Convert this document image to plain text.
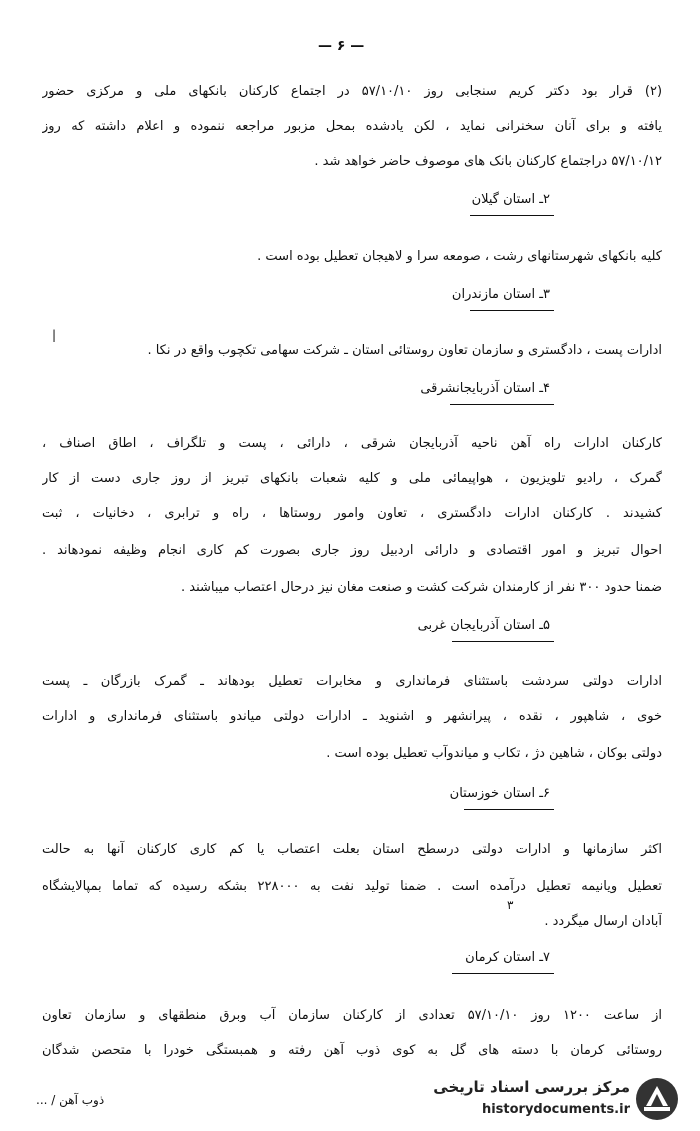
— ۶ —
(۲) قرار بود دکتر کریم سنجابی روز ۵۷/۱۰/۱۰ در اجتماع کارکنان بانکهای ملی و مرکزی حضور
یافته و برای آنان سخنرانی نماید ، لکن یادشده بمحل مزبور مراجعه ننموده و اعلام داشته که روز
۵۷/۱۰/۱۲ دراجتماع کارکنان بانک های موصوف حاضر خواهد شد .
۲ـ استان گیلان
کلیه بانکهای شهرستانهای رشت ، صومعه سرا و لاهیجان تعطیل بوده است .
۳ـ استان مازندران
ادارات پست ، دادگستری و سازمان تعاون روستائی استان ـ شرکت سهامی تکچوب واقع در نکا .
|
۴ـ استان آذربایجانشرقی
کارکنان ادارات راه آهن ناحیه آذربایجان شرقی ، دارائی ، پست و تلگراف ، اطاق اصناف ،
گمرک ، رادیو تلویزیون ، هواپیمائی ملی و کلیه شعبات بانکهای تبریز از روز جاری دست از کار
کشیدند . کارکنان ادارات دادگستری ، تعاون وامور روستاها ، راه و ترابری ، دخانیات ، ثبت
احوال تبریز و امور اقتصادی و دارائی اردبیل روز جاری بصورت کم کاری انجام وظیفه نمودهاند .
ضمنا حدود ۳۰۰ نفر از کارمندان شرکت کشت و صنعت مغان نیز درحال اعتصاب میباشند .
۵ـ استان آذربایجان غربی
ادارات دولتی سردشت باستثنای فرمانداری و مخابرات تعطیل بودهاند ـ گمرک بازرگان ـ پست
خوی ، شاهپور ، نقده ، پیرانشهر و اشنوید ـ ادارات دولتی میاندو باستثنای فرمانداری و ادارات
دولتی بوکان ، شاهین دژ ، تکاب و میاندوآب تعطیل بوده است .
۶ـ استان خوزستان
اکثر سازمانها و ادارات دولتی درسطح استان بعلت اعتصاب یا کم کاری کارکنان آنها به حالت
تعطیل ویانیمه تعطیل درآمده است . ضمنا تولید نفت به ۲۲۸۰۰۰ بشکه رسیده که تماما بمپالایشگاه
آبادان ارسال میگردد .
۳
۷ـ استان کرمان
از ساعت ۱۲۰۰ روز ۵۷/۱۰/۱۰ تعدادی از کارکنان سازمان آب وبرق منطقهای و سازمان تعاون
روستائی کرمان با دسته های گل به کوی ذوب آهن رفته و همبستگی خودرا با متحصن شدگان
ذوب آهن / ...
مرکز بررسی اسناد تاریخی
historydocuments.ir
